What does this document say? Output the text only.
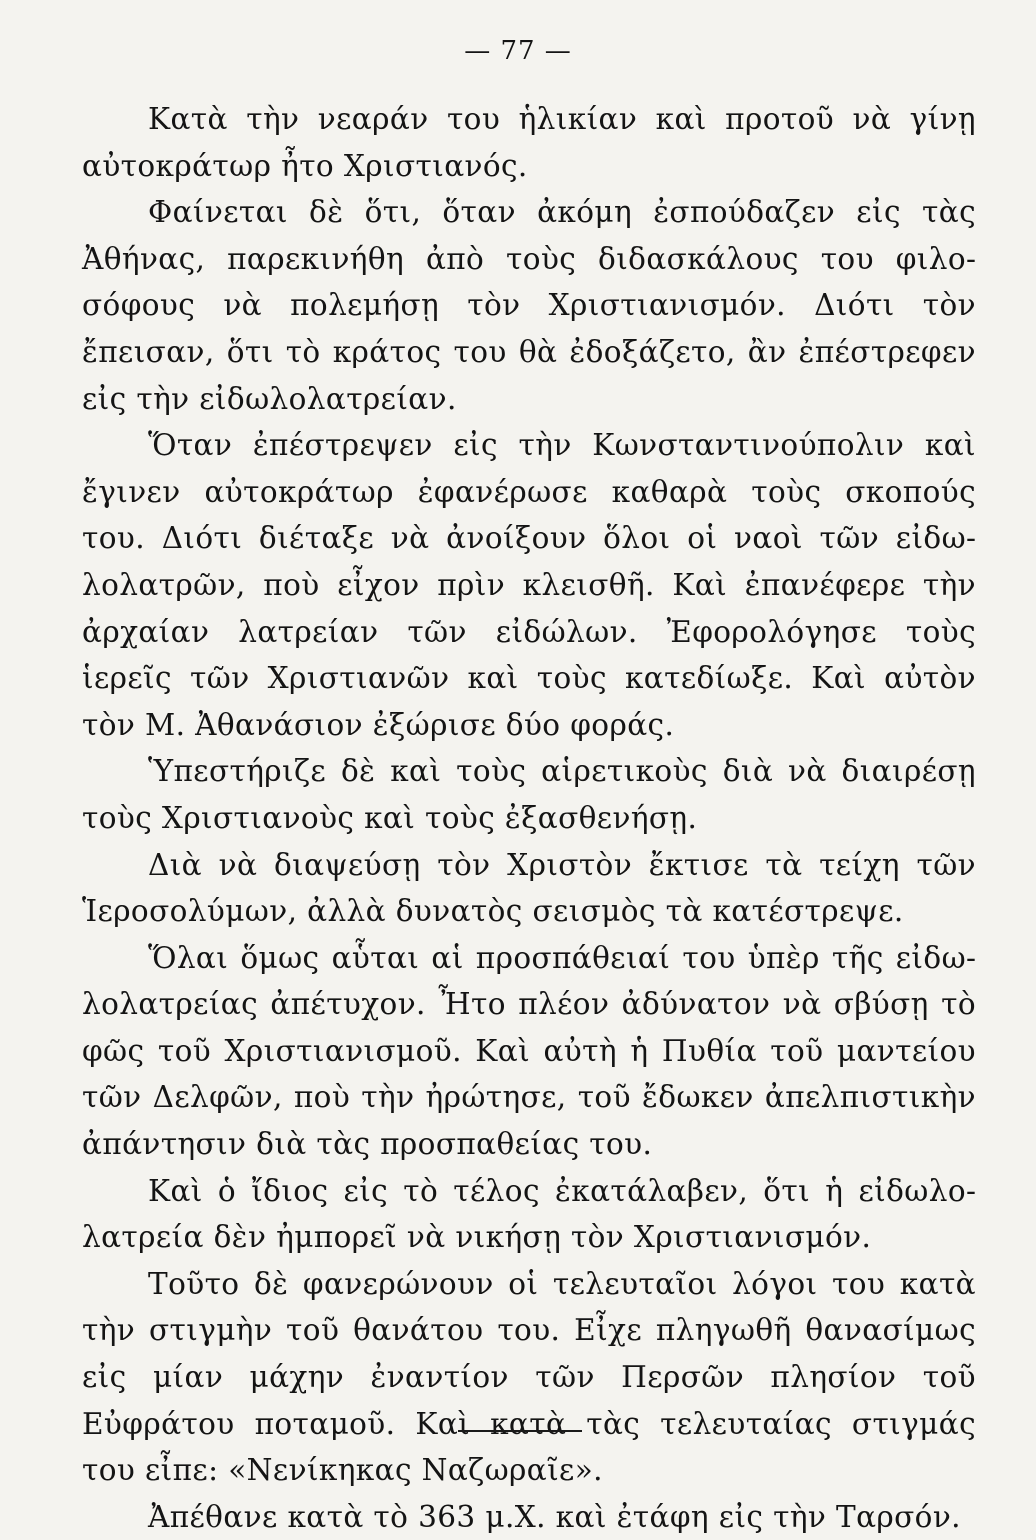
— 77 —

Κατὰ τὴν νεαράν του ἡλικίαν καὶ προτοῦ νὰ γίνῃ αὐτοκράτωρ ἦτο Χριστιανός.

Φαίνεται δὲ ὅτι, ὅταν ἀκόμη ἐσπούδαζεν εἰς τὰς Ἀθήνας, παρεκινήθη ἀπὸ τοὺς διδασκάλους του φιλοσόφους νὰ πολεμήσῃ τὸν Χριστιανισμόν. Διότι τὸν ἔπεισαν, ὅτι τὸ κράτος του θὰ ἐδοξάζετο, ἂν ἐπέστρεφεν εἰς τὴν εἰδωλολατρείαν.

Ὅταν ἐπέστρεψεν εἰς τὴν Κωνσταντινούπολιν καὶ ἔγινεν αὐτοκράτωρ ἐφανέρωσε καθαρὰ τοὺς σκοπούς του. Διότι διέταξε νὰ ἀνοίξουν ὅλοι οἱ ναοὶ τῶν εἰδωλολατρῶν, ποὺ εἶχον πρὶν κλεισθῆ. Καὶ ἐπανέφερε τὴν ἀρχαίαν λατρείαν τῶν εἰδώλων. Ἐφορολόγησε τοὺς ἱερεῖς τῶν Χριστιανῶν καὶ τοὺς κατεδίωξε. Καὶ αὐτὸν τὸν Μ. Ἀθανάσιον ἐξώρισε δύο φοράς.

Ὑπεστήριζε δὲ καὶ τοὺς αἱρετικοὺς διὰ νὰ διαιρέσῃ τοὺς Χριστιανοὺς καὶ τοὺς ἐξασθενήσῃ.

Διὰ νὰ διαψεύσῃ τὸν Χριστὸν ἔκτισε τὰ τείχη τῶν Ἱεροσολύμων, ἀλλὰ δυνατὸς σεισμὸς τὰ κατέστρεψε.

Ὅλαι ὅμως αὗται αἱ προσπάθειαί του ὑπὲρ τῆς εἰδωλολατρείας ἀπέτυχον. Ἦτο πλέον ἀδύνατον νὰ σβύσῃ τὸ φῶς τοῦ Χριστιανισμοῦ. Καὶ αὐτὴ ἡ Πυθία τοῦ μαντείου τῶν Δελφῶν, ποὺ τὴν ἠρώτησε, τοῦ ἔδωκεν ἀπελπιστικὴν ἀπάντησιν διὰ τὰς προσπαθείας του.

Καὶ ὁ ἴδιος εἰς τὸ τέλος ἐκατάλαβεν, ὅτι ἡ εἰδωλολατρεία δὲν ἠμπορεῖ νὰ νικήσῃ τὸν Χριστιανισμόν.

Τοῦτο δὲ φανερώνουν οἱ τελευταῖοι λόγοι του κατὰ τὴν στιγμὴν τοῦ θανάτου του. Εἶχε πληγωθῆ θανασίμως εἰς μίαν μάχην ἐναντίον τῶν Περσῶν πλησίον τοῦ Εὐφράτου ποταμοῦ. Καὶ κατὰ τὰς τελευταίας στιγμάς του εἶπε: «Νενίκηκας Ναζωραῖε».

Ἀπέθανε κατὰ τὸ 363 μ.Χ. καὶ ἐτάφη εἰς τὴν Ταρσόν.
